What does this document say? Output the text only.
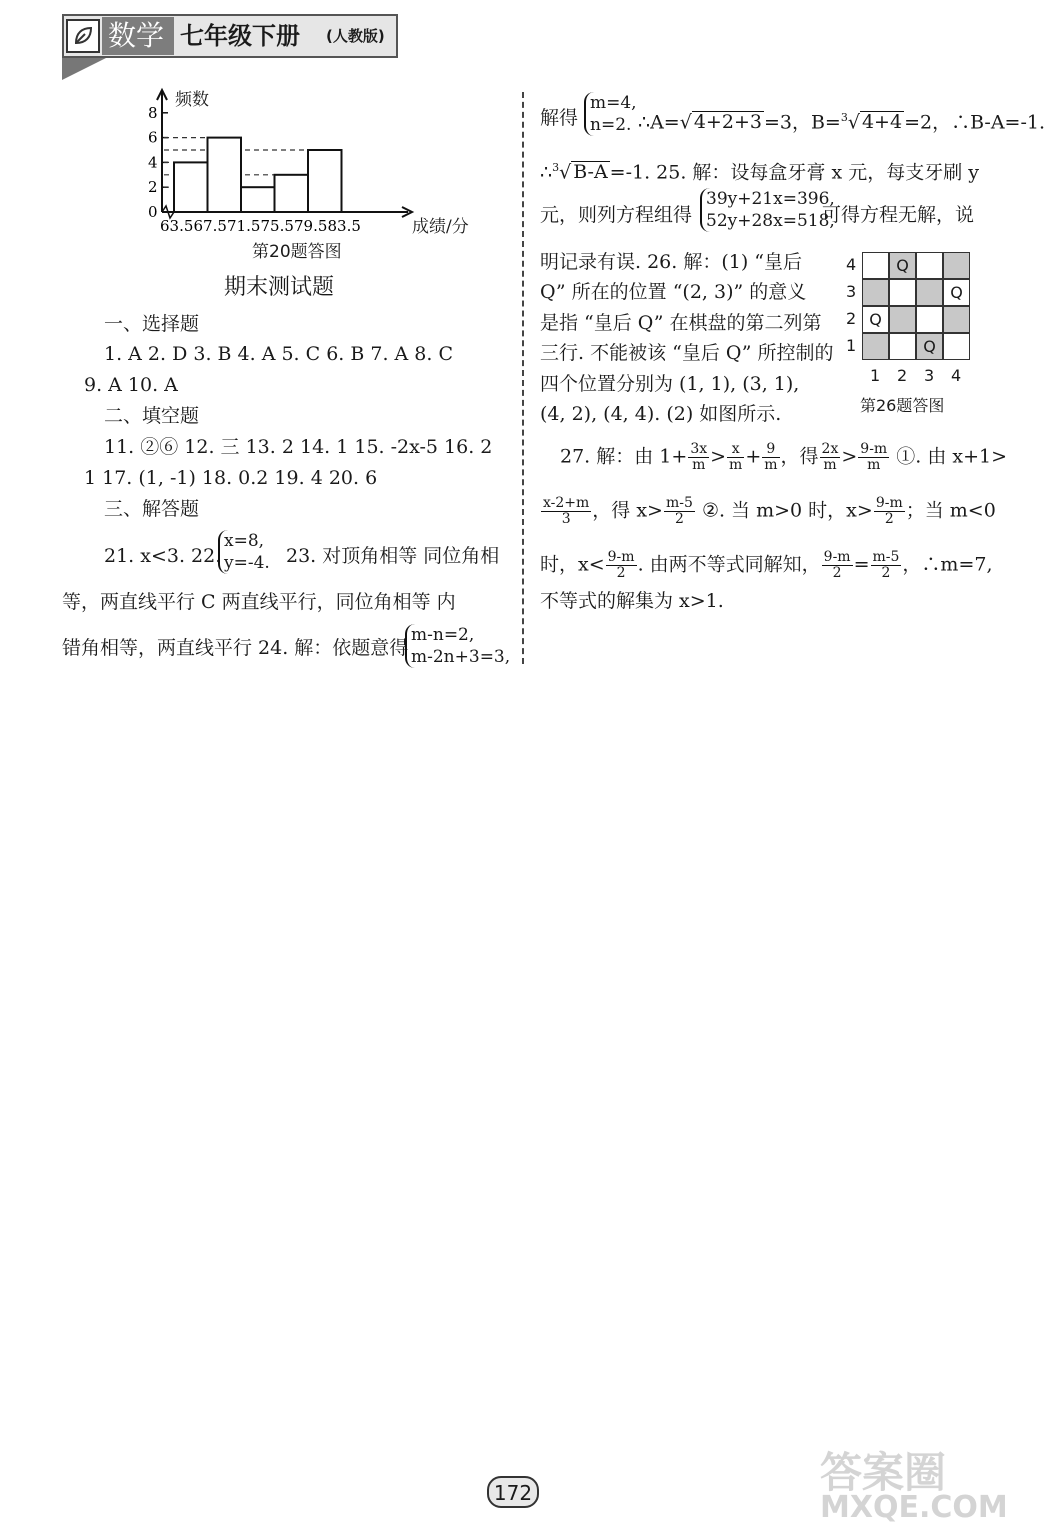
数学 七年级下册 (人教版)
0
2
4
6
8
63.5 67.5 71.5 75.5 79.5 83.5
频数
成绩/分
第20题答图
期末测试题
一、选择题
1. A 2. D 3. B 4. A 5. C 6. B 7. A 8. C
9. A 10. A
二、填空题
11. ②⑥ 12. 三 13. 2 14. 1 15. -2x-5 16. 2
1 17. (1, -1) 18. 0.2 19. 4 20. 6
三、解答题
21. x<3. 22.
x=8,
y=-4. 23. 对顶角相等 同位角相
等，两直线平行 C 两直线平行，同位角相等 内
错角相等，两直线平行 24. 解：依题意得
m-n=2,
m-2n+3=3,
解得
m=4,
n=2. ∴A=√ 4+2+3 =3，B=$^3$√ 4+4 =2，∴B-A=-1.
∴$^3$√ B-A =-1. 25. 解：设每盒牙膏 x 元，每支牙刷 y
元，则列方程组得
39y+21x=396,
52y+28x=518,
可得方程无解，说
明记录有误. 26. 解：(1) “皇后
Q” 所在的位置 “(2, 3)” 的意义
是指 “皇后 Q” 在棋盘的第二列第
三行. 不能被该 “皇后 Q” 所控制的
四个位置分别为 (1, 1), (3, 1),
(4, 2), (4, 4). (2) 如图所示.
4
3
2
1
Q
Q
Q
Q
1 2 3 4
第26题答图
27. 解：由 $1+ \frac{3x}{m} > \frac{x}{m} + \frac{9}{m}$ ，得 $\frac{2x}{m} > \frac{9-m}{m}$ ①. 由 x+1>
$\frac{x-2+m}{3}$ ，得 $x> \frac{m-5}{2}$ ②. 当 m>0 时，$x> \frac{9-m}{2}$ ；当 m<0
时，$x< \frac{9-m}{2}$ . 由两不等式同解知， $\frac{9-m}{2} = \frac{m-5}{2}$ ，∴m=7,
不等式的解集为 x>1.
172	答案圈
MXQE.COM
